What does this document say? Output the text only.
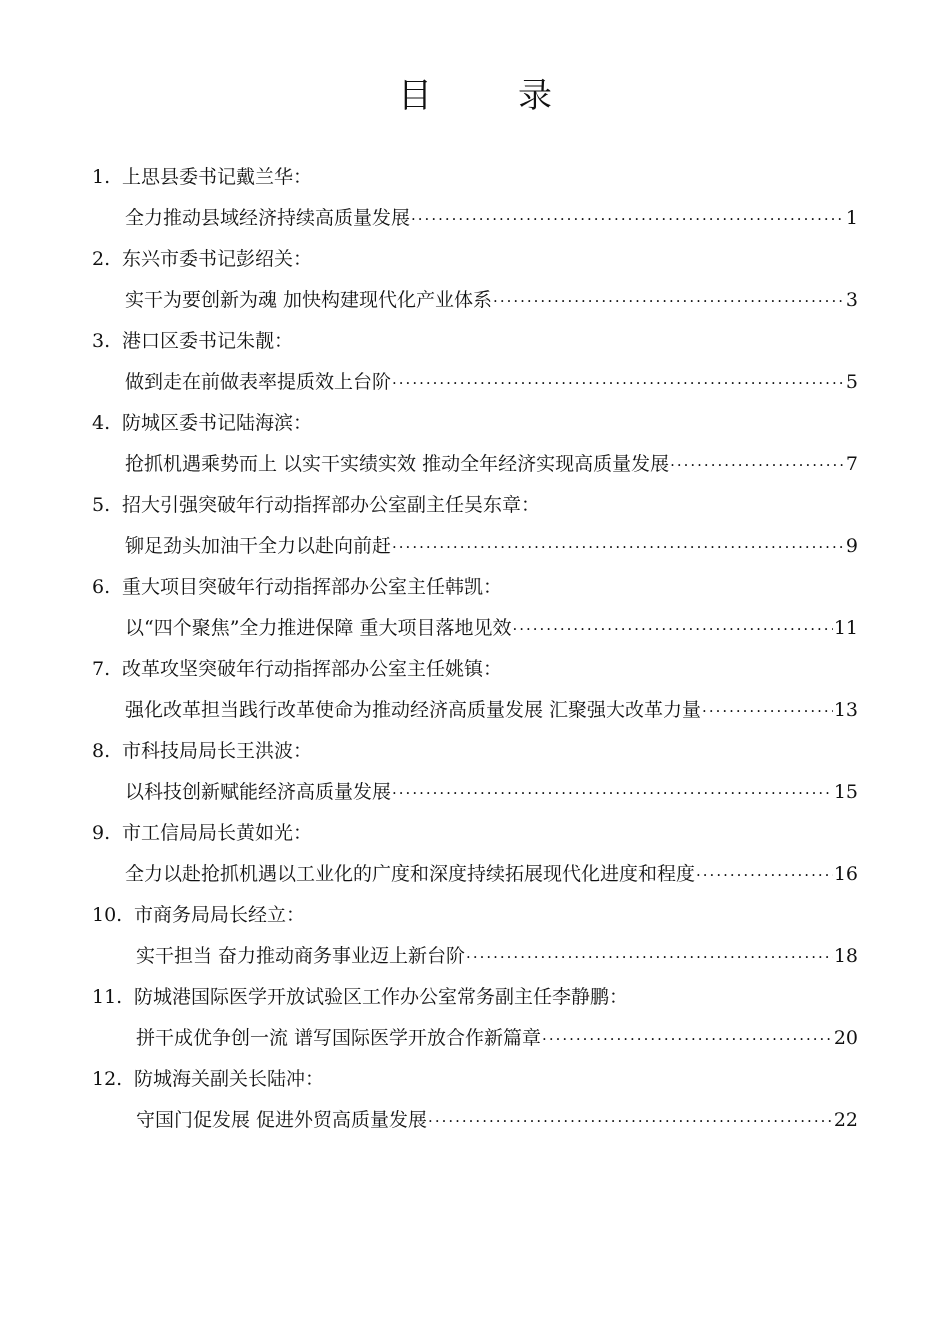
目　录
1. 上思县委书记戴兰华：
全力推动县域经济持续高质量发展 ·····	1
2. 东兴市委书记彭绍关：
实干为要创新为魂 加快构建现代化产业体系 ·····	3
3. 港口区委书记朱靓：
做到走在前做表率提质效上台阶 ·····	5
4. 防城区委书记陆海滨：
抢抓机遇乘势而上 以实干实绩实效 推动全年经济实现高质量发展 ·····	7
5. 招大引强突破年行动指挥部办公室副主任吴东章：
铆足劲头加油干全力以赴向前赶 ·····	9
6. 重大项目突破年行动指挥部办公室主任韩凯：
以“四个聚焦”全力推进保障 重大项目落地见效 ·····	11
7. 改革攻坚突破年行动指挥部办公室主任姚镇：
强化改革担当践行改革使命为推动经济高质量发展 汇聚强大改革力量 ·····	13
8. 市科技局局长王洪波：
以科技创新赋能经济高质量发展 ·····	15
9. 市工信局局长黄如光：
全力以赴抢抓机遇以工业化的广度和深度持续拓展现代化进度和程度 ·····	16
10. 市商务局局长经立：
实干担当 奋力推动商务事业迈上新台阶 ·····	18
11. 防城港国际医学开放试验区工作办公室常务副主任李静鹏：
拼干成优争创一流 谱写国际医学开放合作新篇章 ·····	20
12. 防城海关副关长陆冲：
守国门促发展 促进外贸高质量发展 ·····	22
